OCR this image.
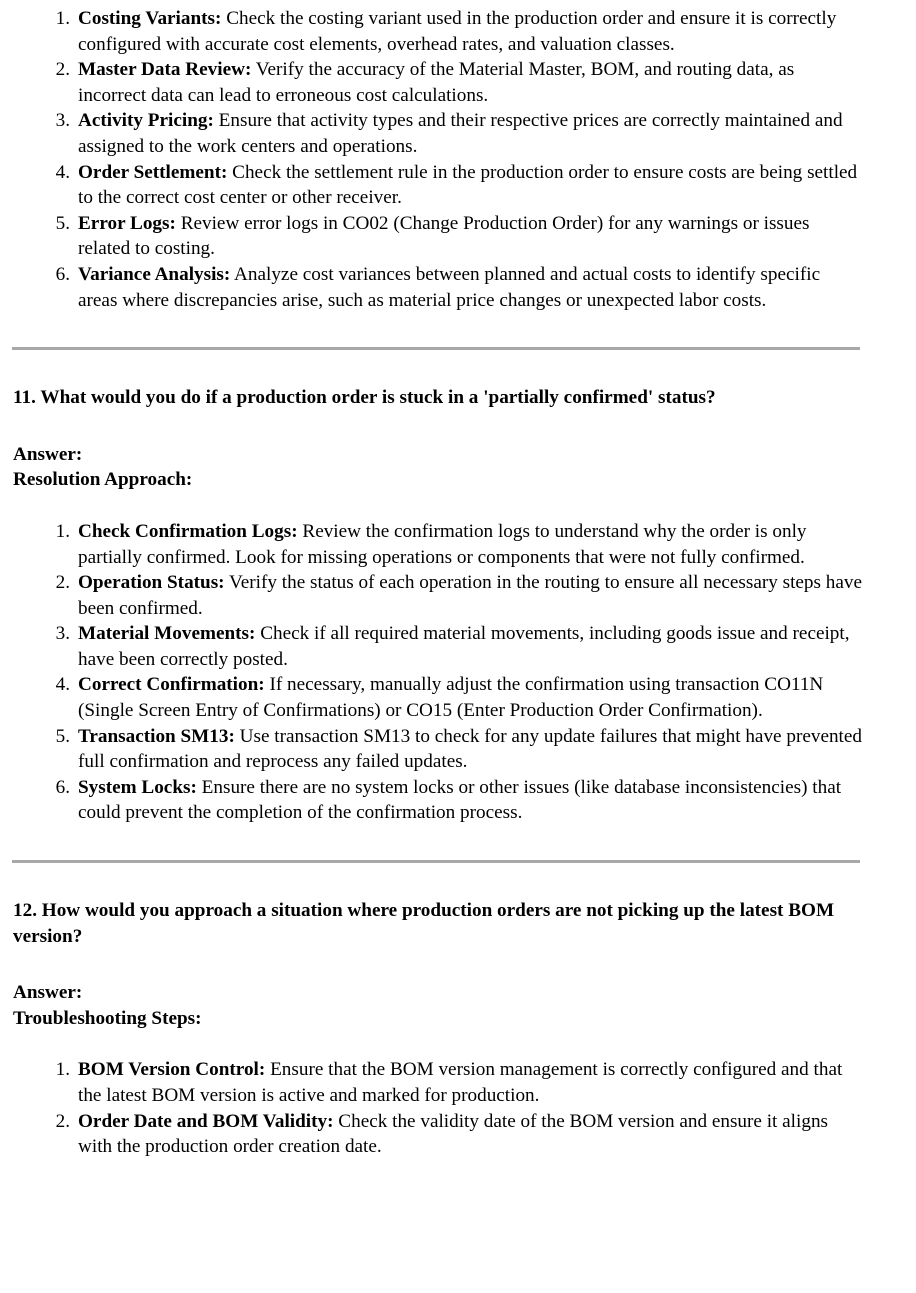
1. Costing Variants: Check the costing variant used in the production order and ensure it is correctly configured with accurate cost elements, overhead rates, and valuation classes.
2. Master Data Review: Verify the accuracy of the Material Master, BOM, and routing data, as incorrect data can lead to erroneous cost calculations.
3. Activity Pricing: Ensure that activity types and their respective prices are correctly maintained and assigned to the work centers and operations.
4. Order Settlement: Check the settlement rule in the production order to ensure costs are being settled to the correct cost center or other receiver.
5. Error Logs: Review error logs in CO02 (Change Production Order) for any warnings or issues related to costing.
6. Variance Analysis: Analyze cost variances between planned and actual costs to identify specific areas where discrepancies arise, such as material price changes or unexpected labor costs.

11. What would you do if a production order is stuck in a 'partially confirmed' status?

Answer:

Resolution Approach:

1. Check Confirmation Logs: Review the confirmation logs to understand why the order is only partially confirmed. Look for missing operations or components that were not fully confirmed.
2. Operation Status: Verify the status of each operation in the routing to ensure all necessary steps have been confirmed.
3. Material Movements: Check if all required material movements, including goods issue and receipt, have been correctly posted.
4. Correct Confirmation: If necessary, manually adjust the confirmation using transaction CO11N (Single Screen Entry of Confirmations) or CO15 (Enter Production Order Confirmation).
5. Transaction SM13: Use transaction SM13 to check for any update failures that might have prevented full confirmation and reprocess any failed updates.
6. System Locks: Ensure there are no system locks or other issues (like database inconsistencies) that could prevent the completion of the confirmation process.

12. How would you approach a situation where production orders are not picking up the latest BOM version?

Answer:

Troubleshooting Steps:

1. BOM Version Control: Ensure that the BOM version management is correctly configured and that the latest BOM version is active and marked for production.
2. Order Date and BOM Validity: Check the validity date of the BOM version and ensure it aligns with the production order creation date.
